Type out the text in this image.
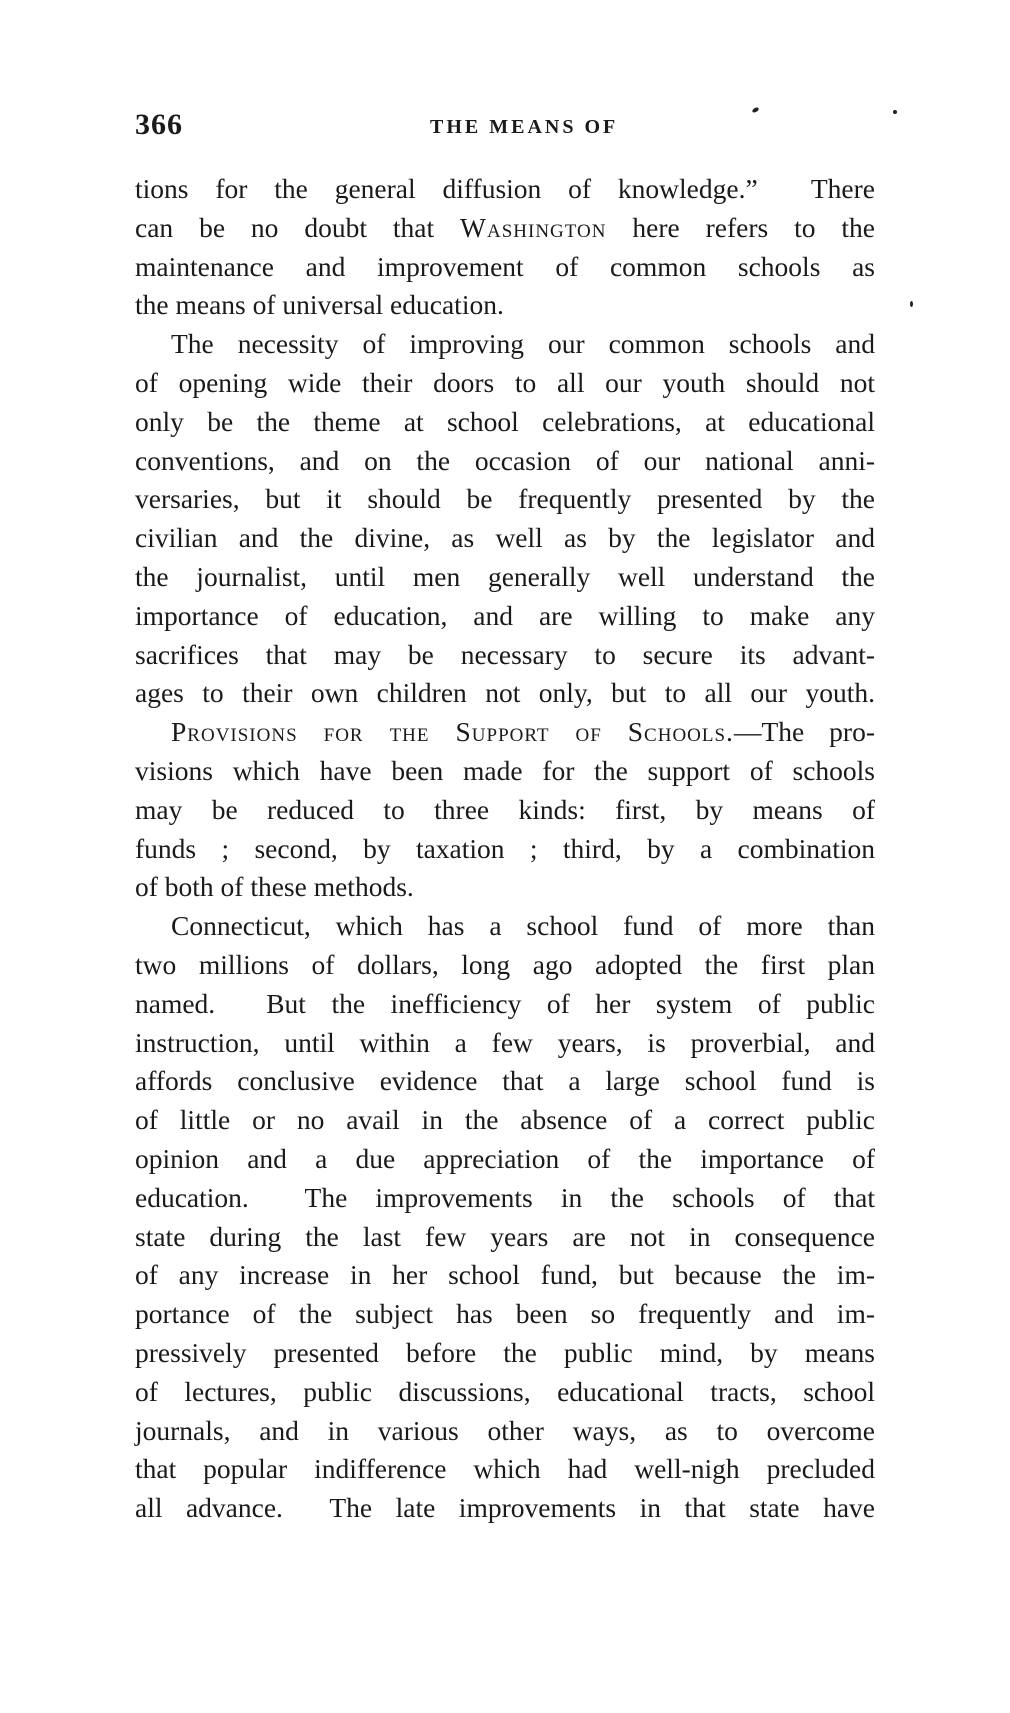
366	THE MEANS OF
tions for the general diffusion of knowledge.”  There
can be no doubt that Washington here refers to the
maintenance and improvement of common schools as
the means of universal education.
The necessity of improving our common schools and
of opening wide their doors to all our youth should not
only be the theme at school celebrations, at educational
conventions, and on the occasion of our national anni-
versaries, but it should be frequently presented by the
civilian and the divine, as well as by the legislator and
the journalist, until men generally well understand the
importance of education, and are willing to make any
sacrifices that may be necessary to secure its advant-
ages to their own children not only, but to all our youth.
Provisions for the Support of Schools.—The pro-
visions which have been made for the support of schools
may be reduced to three kinds: first, by means of
funds ; second, by taxation ; third, by a combination
of both of these methods.
Connecticut, which has a school fund of more than
two millions of dollars, long ago adopted the first plan
named.  But the inefficiency of her system of public
instruction, until within a few years, is proverbial, and
affords conclusive evidence that a large school fund is
of little or no avail in the absence of a correct public
opinion and a due appreciation of the importance of
education.  The improvements in the schools of that
state during the last few years are not in consequence
of any increase in her school fund, but because the im-
portance of the subject has been so frequently and im-
pressively presented before the public mind, by means
of lectures, public discussions, educational tracts, school
journals, and in various other ways, as to overcome
that popular indifference which had well-nigh precluded
all advance.  The late improvements in that state have
